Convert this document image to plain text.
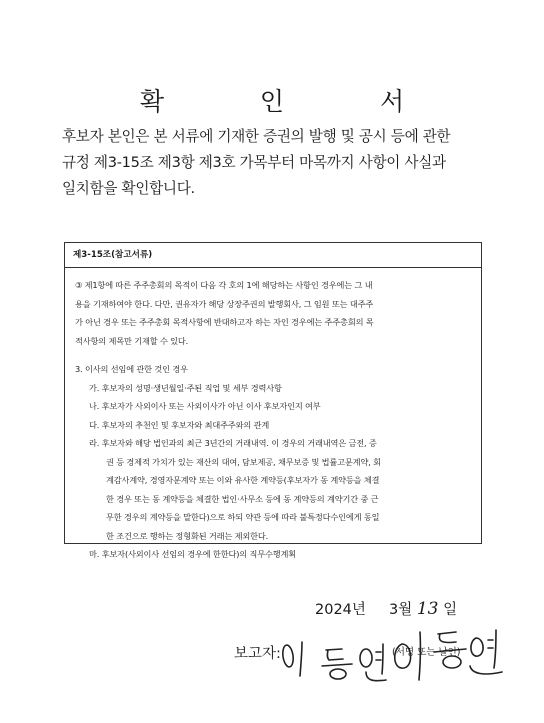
확 인 서
후보자 본인은 본 서류에 기재한 증권의 발행 및 공시 등에 관한
규정 제3-15조 제3항 제3호 가목부터 마목까지 사항이 사실과
일치함을 확인합니다.
제3-15조(참고서류)
③ 제1항에 따른 주주총회의 목적이 다음 각 호의 1에 해당하는 사항인 경우에는 그 내
용을 기재하여야 한다. 다만, 권유자가 해당 상장주권의 발행회사, 그 임원 또는 대주주
가 아닌 경우 또는 주주총회 목적사항에 반대하고자 하는 자인 경우에는 주주총회의 목
적사항의 제목만 기재할 수 있다.
3. 이사의 선임에 관한 것인 경우
가. 후보자의 성명·생년월일·주된 직업 및 세부 경력사항
나. 후보자가 사외이사 또는 사외이사가 아닌 이사 후보자인지 여부
다. 후보자의 추천인 및 후보자와 최대주주와의 관계
라. 후보자와 해당 법인과의 최근 3년간의 거래내역. 이 경우의 거래내역은 금전, 증
권 등 경제적 가치가 있는 재산의 대여, 담보제공, 채무보증 및 법률고문계약, 회
계감사계약, 경영자문계약 또는 이와 유사한 계약등(후보자가 동 계약등을 체결
한 경우 또는 동 계약등을 체결한 법인·사무소 등에 동 계약등의 계약기간 중 근
무한 경우의 계약등을 말한다)으로 하되 약관 등에 따라 불특정다수인에게 동일
한 조건으로 행하는 정형화된 거래는 제외한다.
마. 후보자(사외이사 선임의 경우에 한한다)의 직무수행계획
2024년 3월 13 일
보고자:	(서명 또는 날인)
